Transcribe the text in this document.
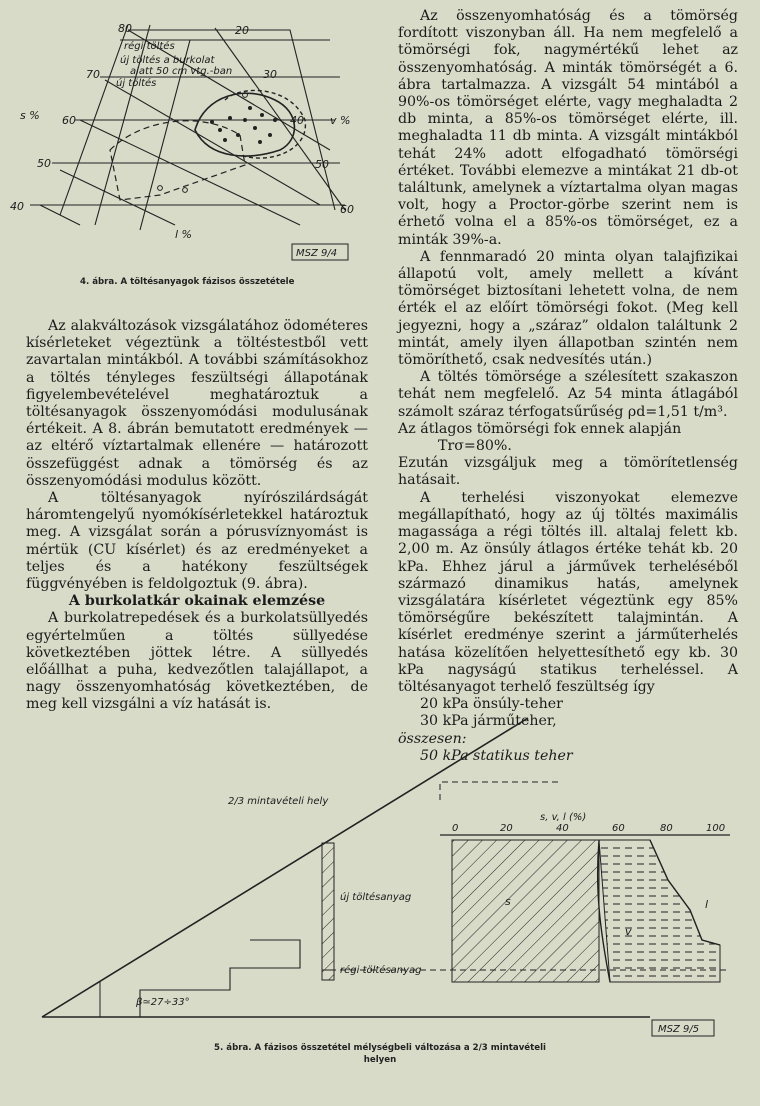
80
70
60
50
40
20
30
40
50
60
s %	v %
l %
régi töltés
új töltés a burkolat
alatt 50 cm vtg.-ban
új töltés
MSZ 9/4
4. ábra. A töltésanyagok fázisos összetétele

Az alakváltozások vizsgálatához ödométeres kísérleteket végeztünk a töltéstestből vett zavartalan mintákból. A további számításokhoz a töltés tényleges feszültségi állapotának figyelembevételével meghatároztuk a töltésanyagok összenyomódási modulusának értékeit. A 8. ábrán bemutatott eredmények — az eltérő víztartalmak ellenére — határozott összefüggést adnak a tömörség és az összenyomódási modulus között.

A töltésanyagok nyírószilárdságát háromtengelyű nyomókísérletekkel határoztuk meg. A vizsgálat során a pórusvíznyomást is mértük (CU kísérlet) és az eredményeket a teljes és a hatékony feszültségek függvényében is feldolgoztuk (9. ábra).

A burkolatkár okainak elemzése

A burkolatrepedések és a burkolatsüllyedés egyértelműen a töltés süllyedése következtében jöttek létre. A süllyedés előállhat a puha, kedvezőtlen talajállapot, a nagy összenyomhatóság következtében, de meg kell vizsgálni a víz hatását is.

Az összenyomhatóság és a tömörség fordított viszonyban áll. Ha nem megfelelő a tömörségi fok, nagymértékű lehet az összenyomhatóság. A minták tömörségét a 6. ábra tartalmazza. A vizsgált 54 mintából a 90%-os tömörséget elérte, vagy meghaladta 2 db minta, a 85%-os tömörséget elérte, ill. meghaladta 11 db minta. A vizsgált mintákból tehát 24% adott elfogadható tömörségi értéket. További elemezve a mintákat 21 db-ot találtunk, amelynek a víztartalma olyan magas volt, hogy a Proctor-görbe szerint nem is érhető volna el a 85%-os tömörséget, ez a minták 39%-a.

A fennmaradó 20 minta olyan talajfizikai állapotú volt, amely mellett a kívánt tömörséget biztosítani lehetett volna, de nem érték el az előírt tömörségi fokot. (Meg kell jegyezni, hogy a „száraz” oldalon találtunk 2 mintát, amely ilyen állapotban szintén nem tömöríthető, csak nedvesítés után.)

A töltés tömörsége a szélesített szakaszon tehát nem megfelelő. Az 54 minta átlagából számolt száraz térfogatsűrűség ρd=1,51 t/m³.

Az átlagos tömörségi fok ennek alapján

Trσ=80%.

Ezután vizsgáljuk meg a tömörítetlenség hatásait.

A terhelési viszonyokat elemezve megállapítható, hogy az új töltés maximális magassága a régi töltés ill. altalaj felett kb. 2,00 m. Az önsúly átlagos értéke tehát kb. 20 kPa. Ehhez járul a járművek terheléséből származó dinamikus hatás, amelynek vizsgálatára kísérletet végeztünk egy 85% tömörségűre bekészített talajmintán. A kísérlet eredménye szerint a járműterhelés hatása közelítően helyettesíthető egy kb. 30 kPa nagyságú statikus terheléssel. A töltésanyagot terhelő feszültség így

20 kPa önsúly-teher

30 kPa járműteher,

összesen:

50 kPa statikus teher

2/3 mintavételi hely
s, v, l (%)
0	20	40	60	80	100
új töltésanyag
régi töltésanyag
β≃27÷33°
s
v
l
MSZ 9/5
5. ábra. A fázisos összetétel mélységbeli változása a 2/3 mintavételi
helyen
